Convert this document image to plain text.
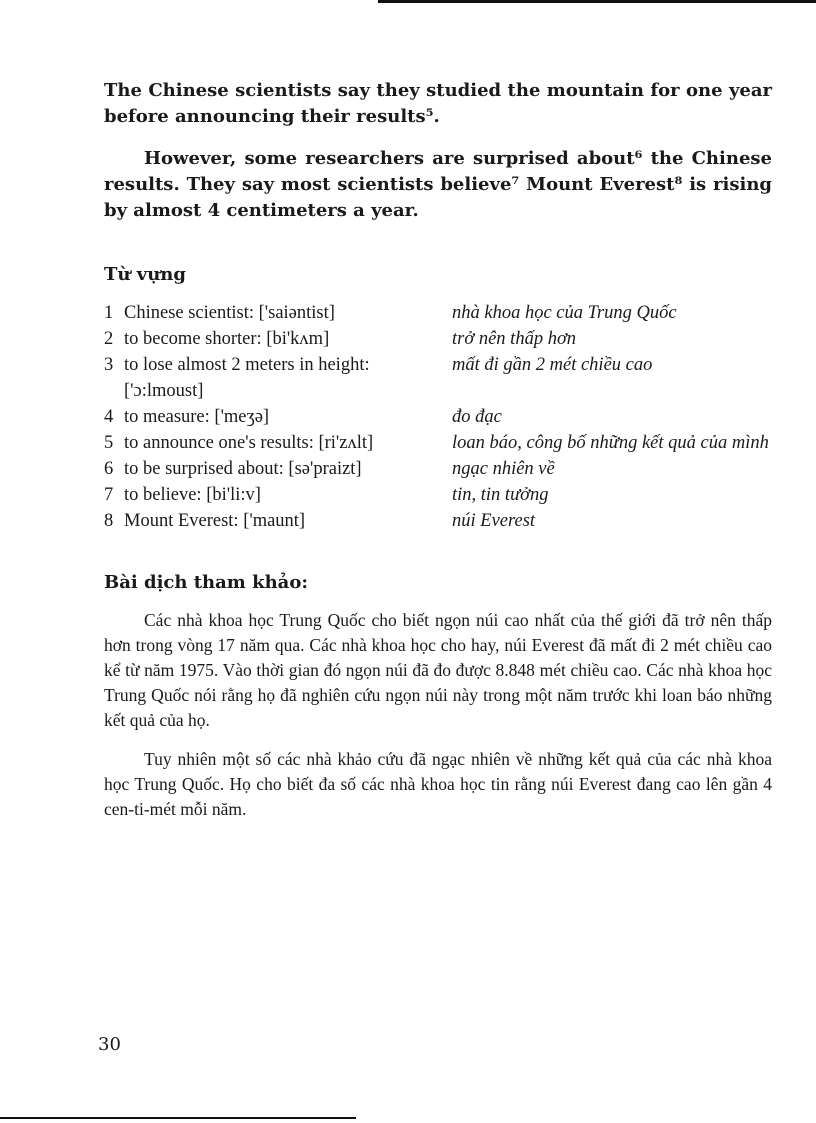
The Chinese scientists say they studied the mountain for one year before announcing their results⁵.

However, some researchers are surprised about⁶ the Chinese results. They say most scientists believe⁷ Mount Everest⁸ is rising by almost 4 centimeters a year.

Từ vựng
1	Chinese scientist: ['saiəntist]	nhà khoa học của Trung Quốc
2	to become shorter: [bi'kʌm]	trở nên thấp hơn
3	to lose almost 2 meters in height: ['ɔ:lmoust]	mất đi gần 2 mét chiều cao
4	to measure: ['meʒə]	đo đạc
5	to announce one's results: [ri'zʌlt]	loan báo, công bố những kết quả của mình
6	to be surprised about: [sə'praizt]	ngạc nhiên về
7	to believe: [bi'li:v]	tin, tin tưởng
8	Mount Everest: ['maunt]	núi Everest
Bài dịch tham khảo:

Các nhà khoa học Trung Quốc cho biết ngọn núi cao nhất của thế giới đã trở nên thấp hơn trong vòng 17 năm qua. Các nhà khoa học cho hay, núi Everest đã mất đi 2 mét chiều cao kể từ năm 1975. Vào thời gian đó ngọn núi đã đo được 8.848 mét chiều cao. Các nhà khoa học Trung Quốc nói rằng họ đã nghiên cứu ngọn núi này trong một năm trước khi loan báo những kết quả của họ.

Tuy nhiên một số các nhà khảo cứu đã ngạc nhiên về những kết quả của các nhà khoa học Trung Quốc. Họ cho biết đa số các nhà khoa học tin rằng núi Everest đang cao lên gần 4 cen-ti-mét mỗi năm.

30
